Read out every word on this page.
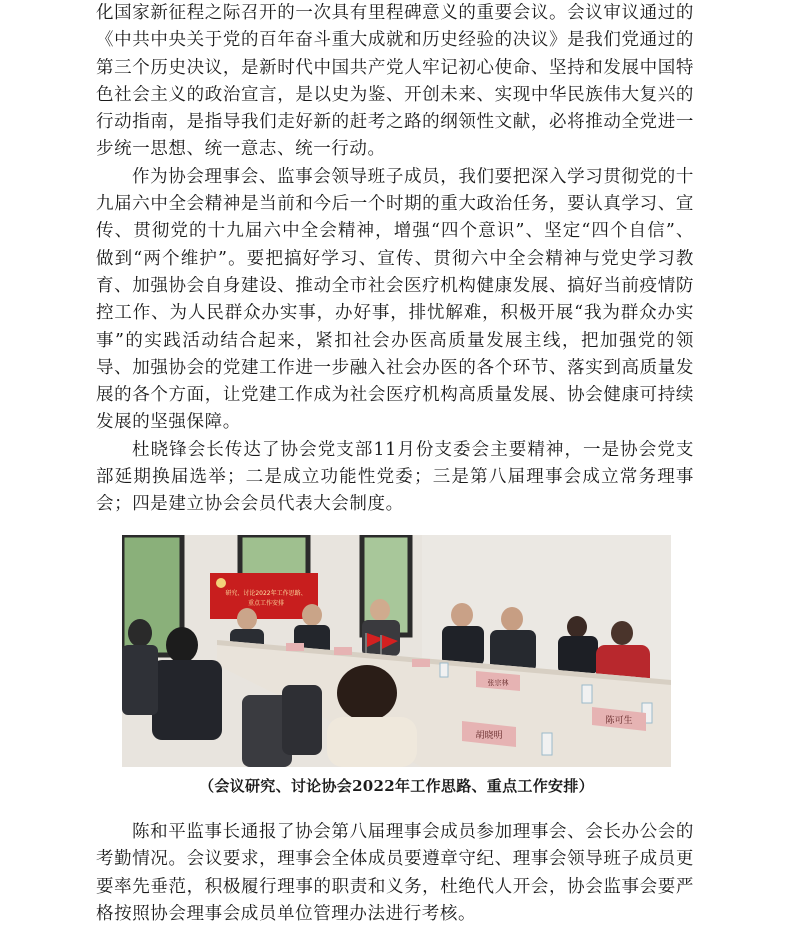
化国家新征程之际召开的一次具有里程碑意义的重要会议。会议审议通过的《中共中央关于党的百年奋斗重大成就和历史经验的决议》是我们党通过的第三个历史决议，是新时代中国共产党人牢记初心使命、坚持和发展中国特色社会主义的政治宣言，是以史为鉴、开创未来、实现中华民族伟大复兴的行动指南，是指导我们走好新的赶考之路的纲领性文献，必将推动全党进一步统一思想、统一意志、统一行动。

作为协会理事会、监事会领导班子成员，我们要把深入学习贯彻党的十九届六中全会精神是当前和今后一个时期的重大政治任务，要认真学习、宣传、贯彻党的十九届六中全会精神，增强“四个意识”、坚定“四个自信”、做到“两个维护”。要把搞好学习、宣传、贯彻六中全会精神与党史学习教育、加强协会自身建设、推动全市社会医疗机构健康发展、搞好当前疫情防控工作、为人民群众办实事，办好事，排忧解难，积极开展“我为群众办实事”的实践活动结合起来，紧扣社会办医高质量发展主线，把加强党的领导、加强协会的党建工作进一步融入社会办医的各个环节、落实到高质量发展的各个方面，让党建工作成为社会医疗机构高质量发展、协会健康可持续发展的坚强保障。

杜晓锋会长传达了协会党支部11月份支委会主要精神，一是协会党支部延期换届选举；二是成立功能性党委；三是第八届理事会成立常务理事会；四是建立协会会员代表大会制度。

研究、讨论2022年工作思路、
重点工作安排
张宗林
胡晓明
陈可生
（会议研究、讨论协会2022年工作思路、重点工作安排）

陈和平监事长通报了协会第八届理事会成员参加理事会、会长办公会的考勤情况。会议要求，理事会全体成员要遵章守纪、理事会领导班子成员更要率先垂范，积极履行理事的职责和义务，杜绝代人开会，协会监事会要严格按照协会理事会成员单位管理办法进行考核。
